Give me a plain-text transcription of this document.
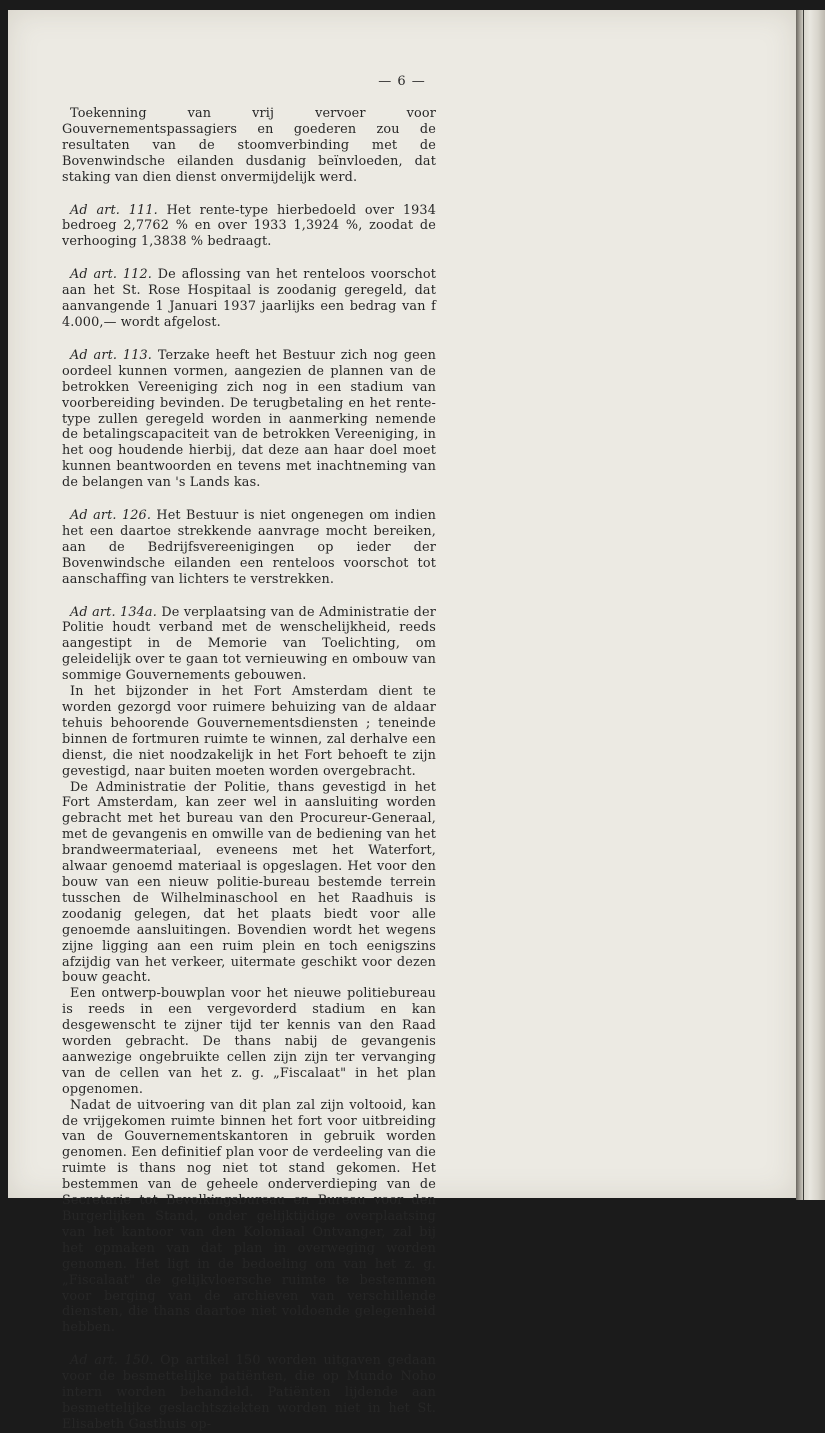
— 6 —

Toekenning van vrij vervoer voor Gouvernementspassagiers en goederen zou de resultaten van de stoomverbinding met de Bovenwindsche eilanden dusdanig beïnvloeden, dat staking van dien dienst onvermijdelijk werd.

Ad art. 111. Het rente-type hierbedoeld over 1934 bedroeg 2,7762 % en over 1933 1,3924 %, zoodat de verhooging 1,3838 % bedraagt.

Ad art. 112. De aflossing van het renteloos voorschot aan het St. Rose Hospitaal is zoodanig geregeld, dat aanvangende 1 Januari 1937 jaarlijks een bedrag van f 4.000,— wordt afgelost.

Ad art. 113. Terzake heeft het Bestuur zich nog geen oordeel kunnen vormen, aangezien de plannen van de betrokken Vereeniging zich nog in een stadium van voorbereiding bevinden. De terugbetaling en het rente-type zullen geregeld worden in aanmerking nemende de betalingscapaciteit van de betrokken Vereeniging, in het oog houdende hierbij, dat deze aan haar doel moet kunnen beantwoorden en tevens met inachtneming van de belangen van 's Lands kas.

Ad art. 126. Het Bestuur is niet ongenegen om indien het een daartoe strekkende aanvrage mocht bereiken, aan de Bedrijfsvereenigingen op ieder der Bovenwindsche eilanden een renteloos voorschot tot aanschaffing van lichters te verstrekken.

Ad art. 134a. De verplaatsing van de Administratie der Politie houdt verband met de wenschelijkheid, reeds aangestipt in de Memorie van Toelichting, om geleidelijk over te gaan tot vernieuwing en ombouw van sommige Gouvernements gebouwen.

In het bijzonder in het Fort Amsterdam dient te worden gezorgd voor ruimere behuizing van de aldaar tehuis behoorende Gouvernementsdiensten ; teneinde binnen de fortmuren ruimte te winnen, zal derhalve een dienst, die niet noodzakelijk in het Fort behoeft te zijn gevestigd, naar buiten moeten worden overgebracht.

De Administratie der Politie, thans gevestigd in het Fort Amsterdam, kan zeer wel in aansluiting worden gebracht met het bureau van den Procureur-Generaal, met de gevangenis en omwille van de bediening van het brandweermateriaal, eveneens met het Waterfort, alwaar genoemd materiaal is opgeslagen. Het voor den bouw van een nieuw politie-bureau bestemde terrein tusschen de Wilhelminaschool en het Raadhuis is zoodanig gelegen, dat het plaats biedt voor alle genoemde aansluitingen. Bovendien wordt het wegens zijne ligging aan een ruim plein en toch eenigszins afzijdig van het verkeer, uitermate geschikt voor dezen bouw geacht.

Een ontwerp-bouwplan voor het nieuwe politiebureau is reeds in een vergevorderd stadium en kan desgewenscht te zijner tijd ter kennis van den Raad worden gebracht. De thans nabij de gevangenis aanwezige ongebruikte cellen zijn zijn ter vervanging van de cellen van het z. g. „Fiscalaat" in het plan opgenomen.

Nadat de uitvoering van dit plan zal zijn voltooid, kan de vrijgekomen ruimte binnen het fort voor uitbreiding van de Gouvernementskantoren in gebruik worden genomen. Een definitief plan voor de verdeeling van die ruimte is thans nog niet tot stand gekomen. Het bestemmen van de geheele onderverdieping van de Secretarie tot Bevolkingsbureau en Bureau voor den Burgerlijken Stand, onder gelijktijdige overplaatsing van het kantoor van den Koloniaal Ontvanger, zal bij het opmaken van dat plan in overweging worden genomen. Het ligt in de bedoeling om van het z. g. „Fiscalaat" de gelijkvloersche ruimte te bestemmen voor berging van de archieven van verschillende diensten, die thans daartoe niet voldoende gelegenheid hebben.

Ad art. 150. Op artikel 150 worden uitgaven gedaan voor de besmettelijke patiënten, die op Mundo Noho intern worden behandeld. Patiënten lijdende aan besmettelijke geslachtsziekten worden niet in het St. Elisabeth Gasthuis op-
